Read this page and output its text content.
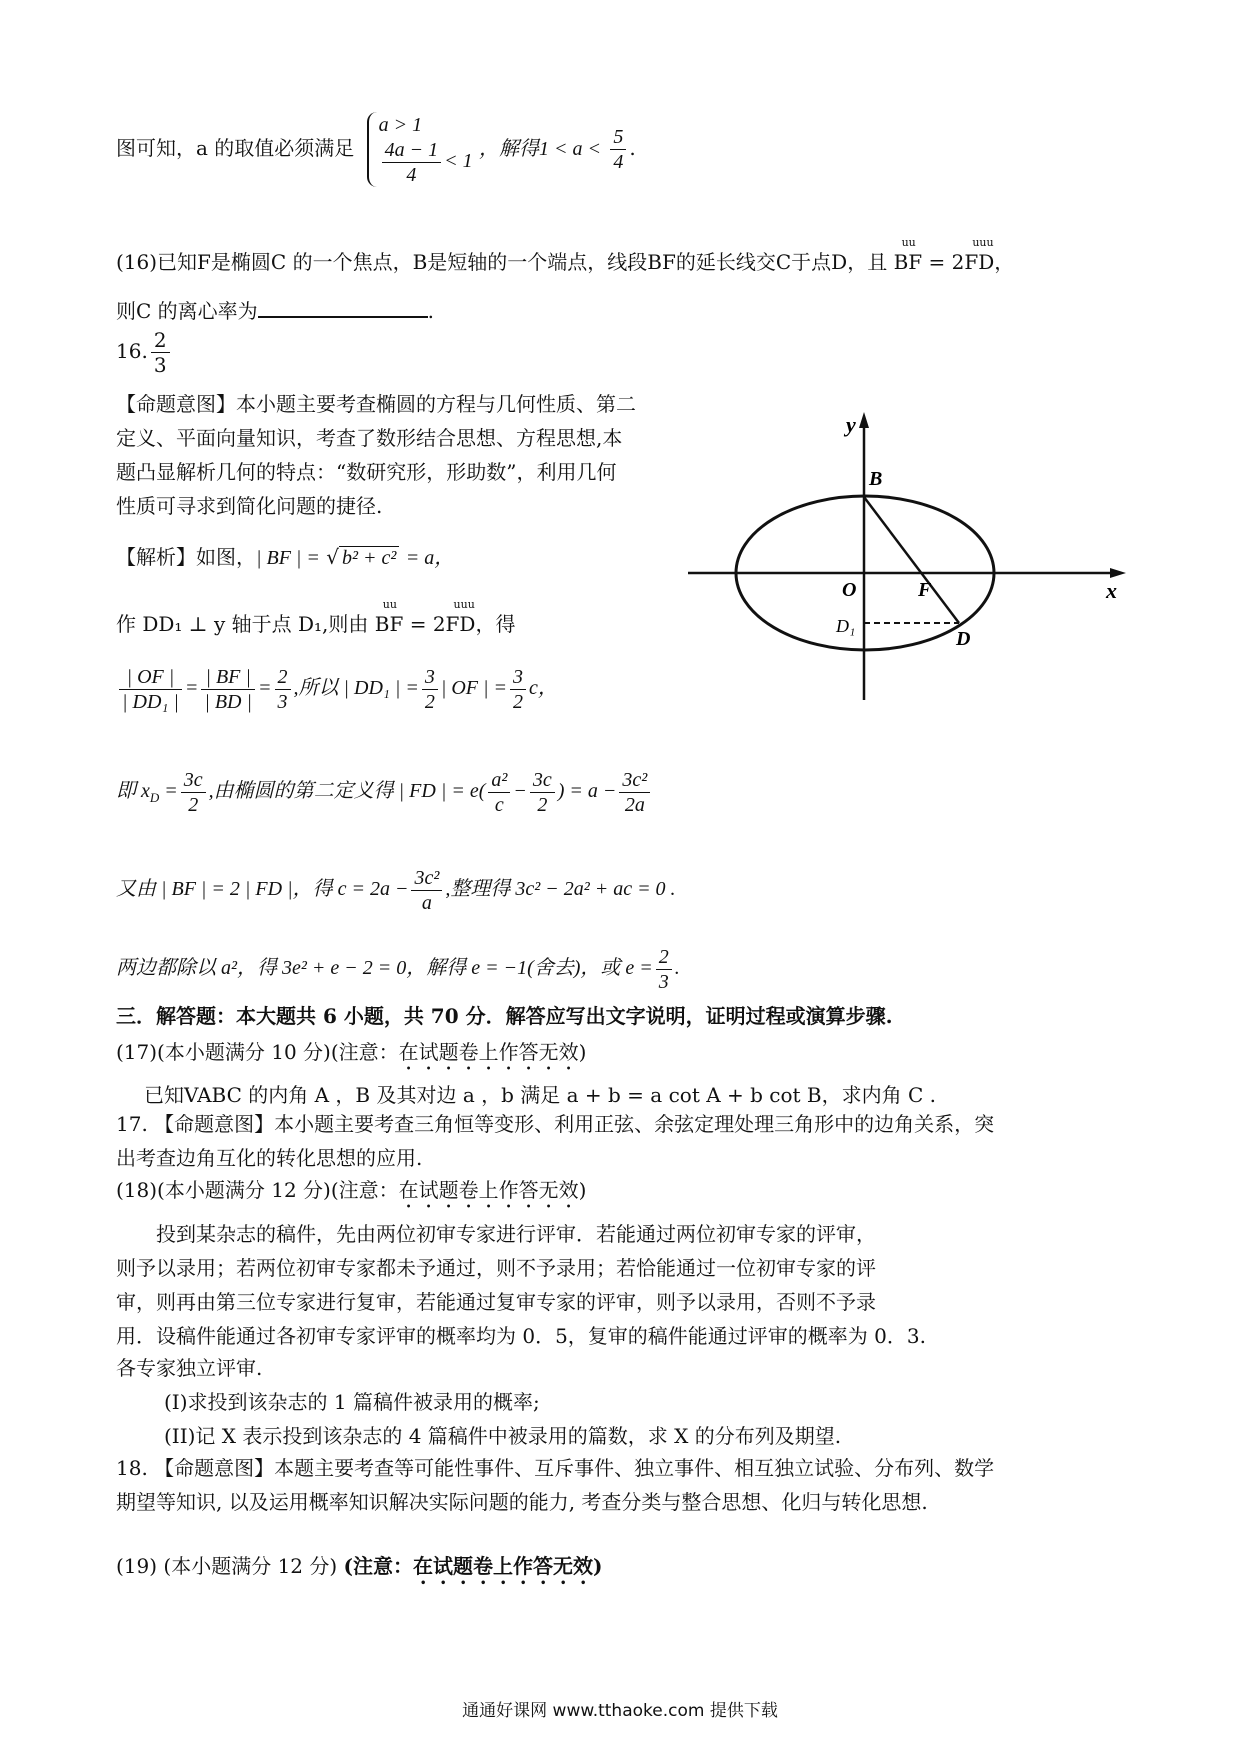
图可知，a 的取值必须满足
a > 1
$\frac{4a - 1}{4} < 1$
，解得$1 < a < \frac{5}{4}$ .
(16)已知F是椭圆C 的一个焦点，B是短轴的一个端点，线段BF的延长线交C于点D，且
uu
BF = 2
uuu
FD，
则C 的离心率为	.
16. $\frac{2}{3}$
【命题意图】本小题主要考查椭圆的方程与几何性质、第二
定义、平面向量知识，考查了数形结合思想、方程思想,本
题凸显解析几何的特点：“数研究形，形助数”，利用几何
性质可寻求到简化问题的捷径.
【解析】如图，| BF | = √ b² + c² = a，
作 DD₁ ⊥ y 轴于点 D₁,则由
uu
BF = 2
uuu
FD，得
$\frac{| OF |}{\text{| DD₁ |}} = \frac{| BF |}{| BD |} = \frac{2}{3}$ ,所以 | DD₁ | = $\frac{3}{2}$ | OF | = $\frac{3}{2}$ c，
即 $x_D = \frac{3c}{2}$ ,由椭圆的第二定义得 | FD | = $e( \frac{\text{a²}}{c} - \frac{3c}{2}$ ) = $a - \frac{\text{3c²}}{2a}$
又由 | BF | = 2 | FD |，得 $c = 2a - \frac{\text{3c²}}{a}$ ,整理得 3c² − 2a² + ac = 0 .
两边都除以 a²，得 3e² + e − 2 = 0，解得 e = −1(舍去)，或 $e = \frac{2}{3}$ .
y
x
B
O	F
D
D₁
三．解答题：本大题共 6 小题，共 70 分．解答应写出文字说明，证明过程或演算步骤.
(17)(本小题满分 10 分)(注意：在试题卷上作答无效)
已知VABC 的内角 A ，B 及其对边 a ，b 满足 a + b = a cot A + b cot B，求内角 C .
17. 【命题意图】本小题主要考查三角恒等变形、利用正弦、余弦定理处理三角形中的边角关系，突
出考查边角互化的转化思想的应用.
(18)(本小题满分 12 分)(注意：在试题卷上作答无效)
投到某杂志的稿件，先由两位初审专家进行评审．若能通过两位初审专家的评审，
则予以录用；若两位初审专家都未予通过，则不予录用；若恰能通过一位初审专家的评
审，则再由第三位专家进行复审，若能通过复审专家的评审，则予以录用，否则不予录
用．设稿件能通过各初审专家评审的概率均为 0．5，复审的稿件能通过评审的概率为 0．3.
各专家独立评审.
(I)求投到该杂志的 1 篇稿件被录用的概率;
(II)记 X 表示投到该杂志的 4 篇稿件中被录用的篇数，求 X 的分布列及期望.
18. 【命题意图】本题主要考查等可能性事件、互斥事件、独立事件、相互独立试验、分布列、数学
期望等知识, 以及运用概率知识解决实际问题的能力, 考查分类与整合思想、化归与转化思想.
(19) (本小题满分 12 分) (注意：在试题卷上作答无效)
通通好课网 www.tthaoke.com 提供下载
